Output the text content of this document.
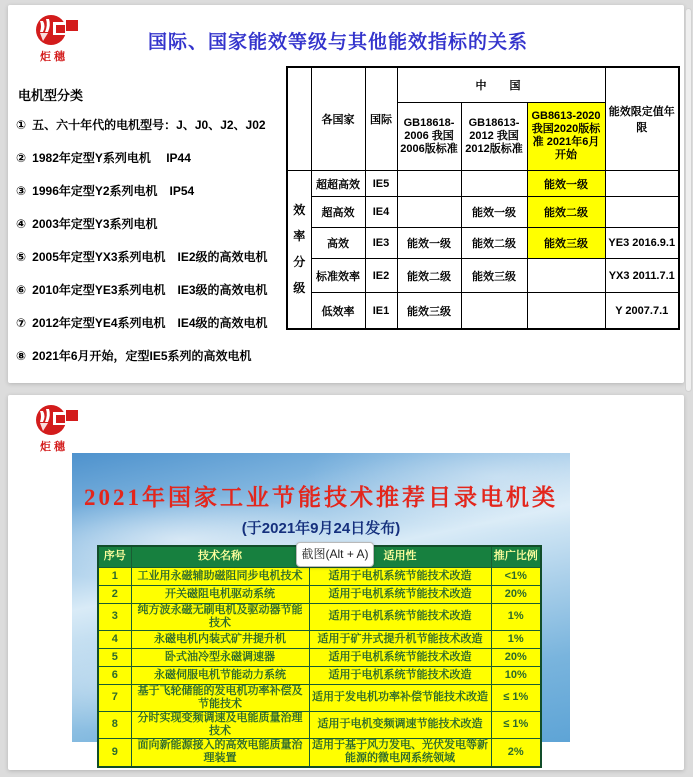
炬穗
国际、国家能效等级与其他能效指标的关系
电机型分类
① 五、六十年代的电机型号：J、J0、J2、J02
② 1982年定型Y系列电机　 IP44
③ 1996年定型Y2系列电机　IP54
④ 2003年定型Y3系列电机
⑤ 2005年定型YX3系列电机　IE2级的高效电机
⑥ 2010年定型YE3系列电机　IE3级的高效电机
⑦ 2012年定型YE4系列电机　IE4级的高效电机
⑧ 2021年6月开始，定型IE5系列的高效电机
	各国家	国际	中　国			能效限定值年限
			GB18618-2006 我国2006版标准	GB18613-2012 我国2012版标准	GB8613-2020 我国2020版标准 2021年6月开始	

效率分级	超超高效	IE5			能效一级	
	超高效	IE4		能效一级	能效二级	
	高效	IE3	能效一级	能效二级	能效三级	YE3 2016.9.1
	标准效率	IE2	能效二级	能效三级		YX3 2011.7.1
	低效率	IE1	能效三级			Y 2007.7.1
炬穗
2021年国家工业节能技术推荐目录电机类
(于2021年9月24日发布)
序号	技术名称	适用性	推广比例
1	工业用永磁辅助磁阻同步电机技术	适用于电机系统节能技术改造	<1%
2	开关磁阻电机驱动系统	适用于电机系统节能技术改造	20%
3	纯方波永磁无刷电机及驱动器节能技术	适用于电机系统节能技术改造	1%
4	永磁电机内装式矿井提升机	适用于矿井式提升机节能技术改造	1%
5	卧式油冷型永磁调速器	适用于电机系统节能技术改造	20%
6	永磁伺服电机节能动力系统	适用于电机系统节能技术改造	10%
7	基于飞轮储能的发电机功率补偿及节能技术	适用于发电机功率补偿节能技术改造	≤ 1%
8	分时实现变频调速及电能质量治理技术	适用于电机变频调速节能技术改造	≤ 1%
9	面向新能源接入的高效电能质量治理装置	适用于基于风力发电、光伏发电等新能源的微电网系统领域	2%
截图(Alt + A)
